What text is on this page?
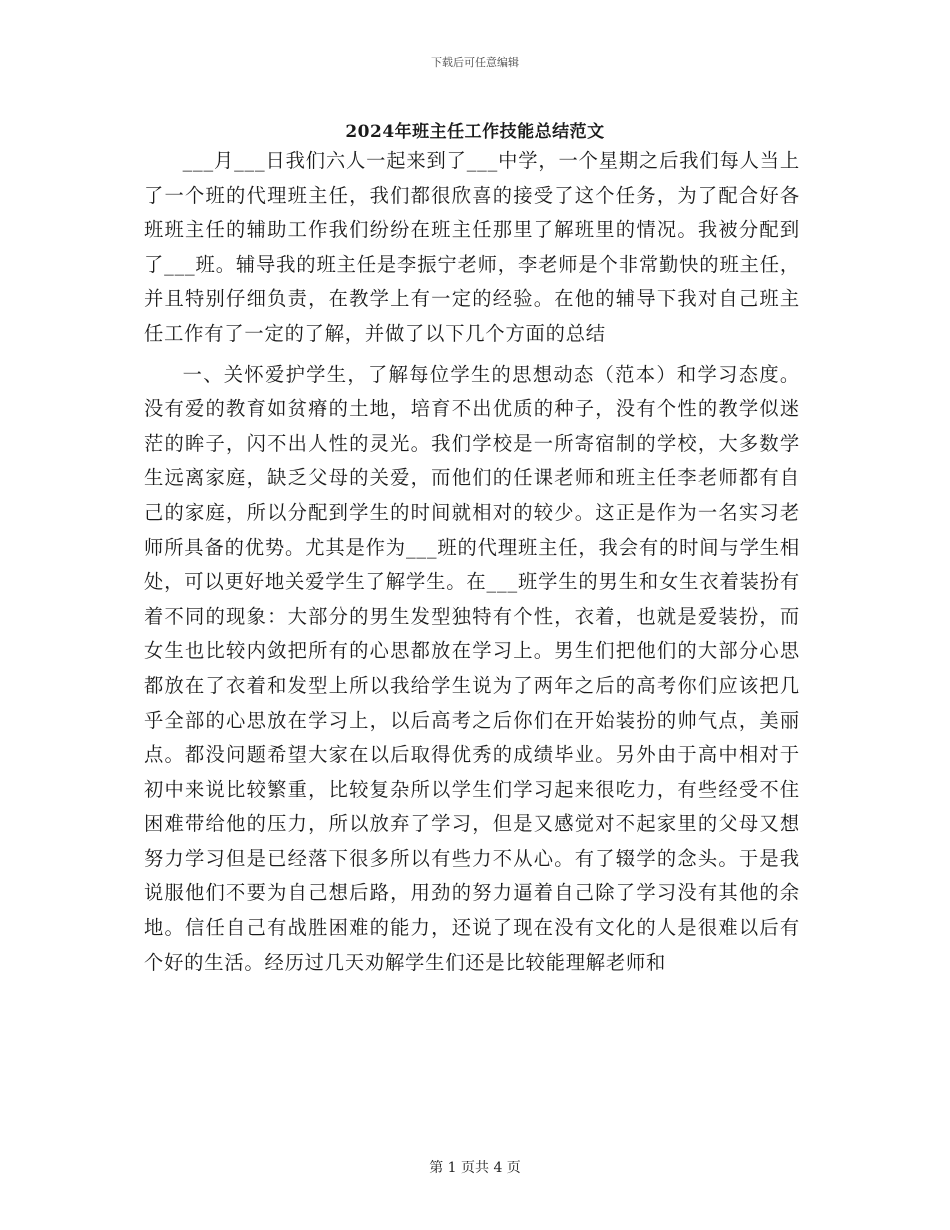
下载后可任意编辑
2024年班主任工作技能总结范文

___月___日我们六人一起来到了___中学，一个星期之后我们每人当上了一个班的代理班主任，我们都很欣喜的接受了这个任务，为了配合好各班班主任的辅助工作我们纷纷在班主任那里了解班里的情况。我被分配到了___班。辅导我的班主任是李振宁老师，李老师是个非常勤快的班主任，并且特别仔细负责，在教学上有一定的经验。在他的辅导下我对自己班主任工作有了一定的了解，并做了以下几个方面的总结

一、关怀爱护学生，了解每位学生的思想动态（范本）和学习态度。没有爱的教育如贫瘠的土地，培育不出优质的种子，没有个性的教学似迷茫的眸子，闪不出人性的灵光。我们学校是一所寄宿制的学校，大多数学生远离家庭，缺乏父母的关爱，而他们的任课老师和班主任李老师都有自己的家庭，所以分配到学生的时间就相对的较少。这正是作为一名实习老师所具备的优势。尤其是作为___班的代理班主任，我会有的时间与学生相处，可以更好地关爱学生了解学生。在___班学生的男生和女生衣着装扮有着不同的现象：大部分的男生发型独特有个性，衣着，也就是爱装扮，而女生也比较内敛把所有的心思都放在学习上。男生们把他们的大部分心思都放在了衣着和发型上所以我给学生说为了两年之后的高考你们应该把几乎全部的心思放在学习上，以后高考之后你们在开始装扮的帅气点，美丽点。都没问题希望大家在以后取得优秀的成绩毕业。另外由于高中相对于初中来说比较繁重，比较复杂所以学生们学习起来很吃力，有些经受不住困难带给他的压力，所以放弃了学习，但是又感觉对不起家里的父母又想努力学习但是已经落下很多所以有些力不从心。有了辍学的念头。于是我说服他们不要为自己想后路，用劲的努力逼着自己除了学习没有其他的余地。信任自己有战胜困难的能力，还说了现在没有文化的人是很难以后有个好的生活。经历过几天劝解学生们还是比较能理解老师和

第 1 页共 4 页
